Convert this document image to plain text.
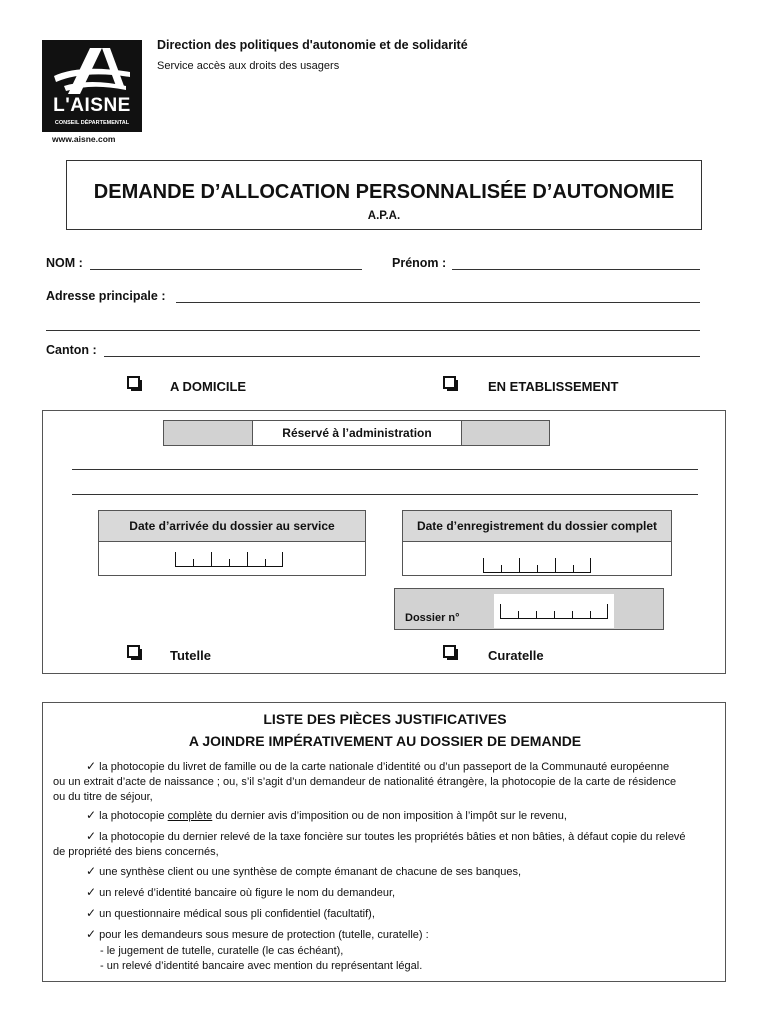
L'AISNE
CONSEIL DÉPARTEMENTAL
www.aisne.com
Direction des politiques d'autonomie et de solidarité
Service accès aux droits des usagers
DEMANDE D’ALLOCATION PERSONNALISÉE D’AUTONOMIE
A.P.A.
NOM :	Prénom :
Adresse principale :
Canton :
A DOMICILE	EN ETABLISSEMENT
Réservé à l’administration
Date d’arrivée du dossier au service	Date d’enregistrement du dossier complet
Dossier n°
Tutelle	Curatelle
LISTE DES PIÈCES JUSTIFICATIVES
A JOINDRE IMPÉRATIVEMENT AU DOSSIER DE DEMANDE
✓ la photocopie du livret de famille ou de la carte nationale d’identité ou d’un passeport de la Communauté européenne
ou un extrait d’acte de naissance ; ou, s’il s’agit d’un demandeur de nationalité étrangère, la photocopie de la carte de résidence
ou du titre de séjour,
✓ la photocopie complète du dernier avis d’imposition ou de non imposition à l’impôt sur le revenu,
✓ la photocopie du dernier relevé de la taxe foncière sur toutes les propriétés bâties et non bâties, à défaut copie du relevé
de propriété des biens concernés,
✓ une synthèse client ou une synthèse de compte émanant de chacune de ses banques,
✓ un relevé d’identité bancaire où figure le nom du demandeur,
✓ un questionnaire médical sous pli confidentiel (facultatif),
✓ pour les demandeurs sous mesure de protection (tutelle, curatelle) :
- le jugement de tutelle, curatelle (le cas échéant),
- un relevé d’identité bancaire avec mention du représentant légal.
